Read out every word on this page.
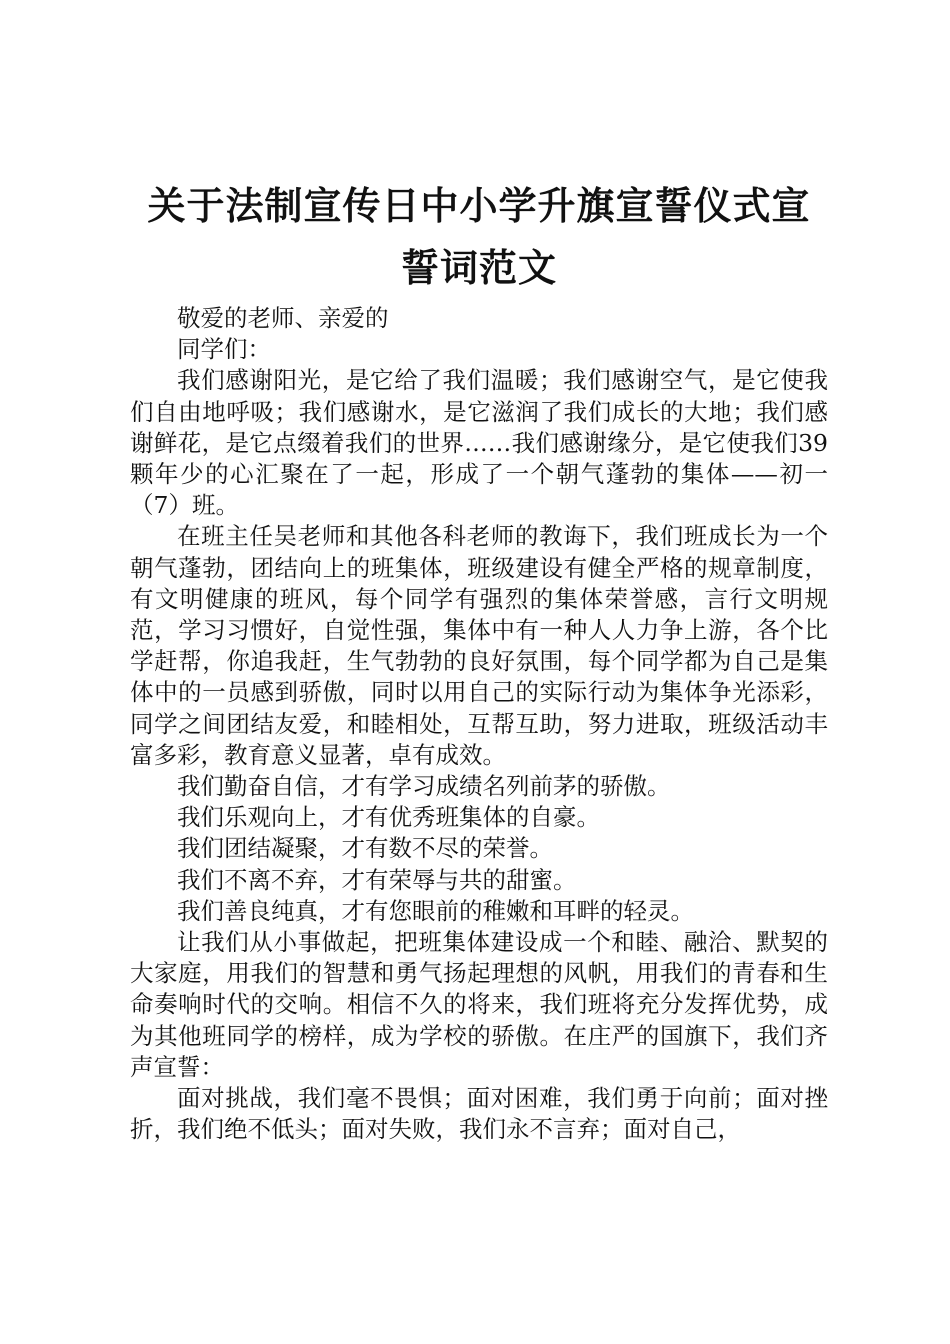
关于法制宣传日中小学升旗宣誓仪式宣誓词范文
敬爱的老师、亲爱的
同学们：

我们感谢阳光，是它给了我们温暖；我们感谢空气，是它使我们自由地呼吸；我们感谢水，是它滋润了我们成长的大地；我们感谢鲜花，是它点缀着我们的世界……我们感谢缘分，是它使我们39颗年少的心汇聚在了一起，形成了一个朝气蓬勃的集体——初一（7）班。

在班主任吴老师和其他各科老师的教诲下，我们班成长为一个朝气蓬勃，团结向上的班集体，班级建设有健全严格的规章制度，有文明健康的班风，每个同学有强烈的集体荣誉感，言行文明规范，学习习惯好，自觉性强，集体中有一种人人力争上游，各个比学赶帮，你追我赶，生气勃勃的良好氛围，每个同学都为自己是集体中的一员感到骄傲，同时以用自己的实际行动为集体争光添彩，同学之间团结友爱，和睦相处，互帮互助，努力进取，班级活动丰富多彩，教育意义显著，卓有成效。

我们勤奋自信，才有学习成绩名列前茅的骄傲。

我们乐观向上，才有优秀班集体的自豪。

我们团结凝聚，才有数不尽的荣誉。

我们不离不弃，才有荣辱与共的甜蜜。

我们善良纯真，才有您眼前的稚嫩和耳畔的轻灵。

让我们从小事做起，把班集体建设成一个和睦、融洽、默契的大家庭，用我们的智慧和勇气扬起理想的风帆，用我们的青春和生命奏响时代的交响。相信不久的将来，我们班将充分发挥优势，成为其他班同学的榜样，成为学校的骄傲。在庄严的国旗下，我们齐声宣誓：

面对挑战，我们毫不畏惧；面对困难，我们勇于向前；面对挫折，我们绝不低头；面对失败，我们永不言弃；面对自己，
